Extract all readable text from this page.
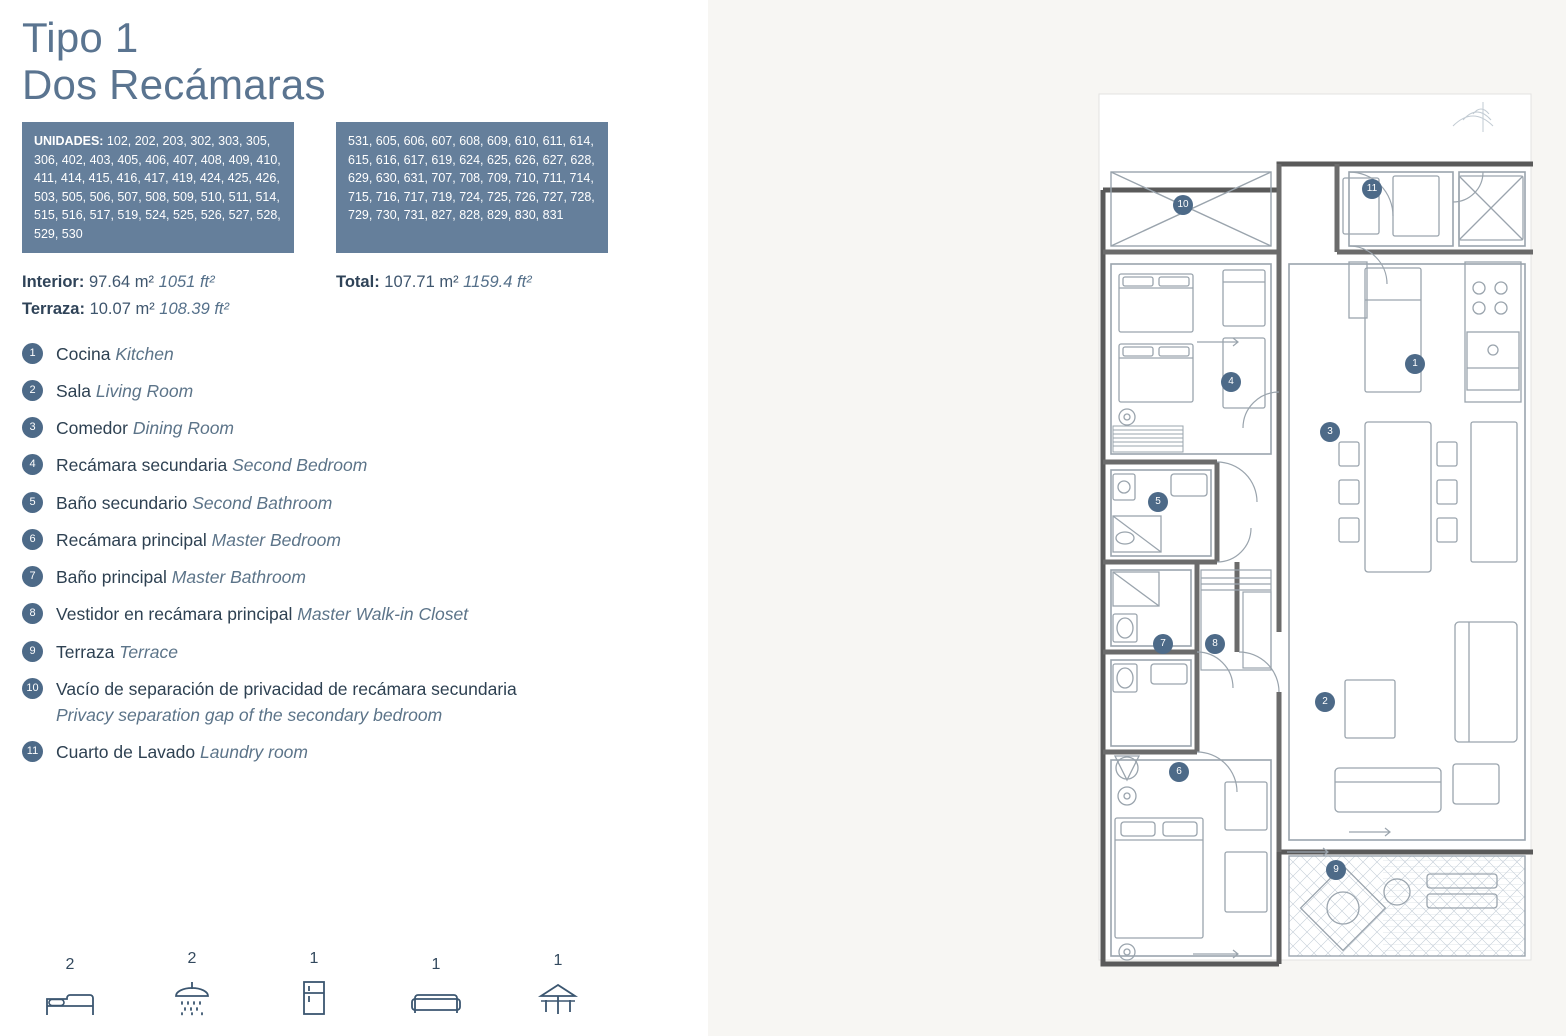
Tipo 1
Dos Recámaras
UNIDADES: 102, 202, 203, 302, 303, 305, 306, 402, 403, 405, 406, 407, 408, 409, 410, 411, 414, 415, 416, 417, 419, 424, 425, 426, 503, 505, 506, 507, 508, 509, 510, 511, 514, 515, 516, 517, 519, 524, 525, 526, 527, 528, 529, 530
531, 605, 606, 607, 608, 609, 610, 611, 614, 615, 616, 617, 619, 624, 625, 626, 627, 628, 629, 630, 631, 707, 708, 709, 710, 711, 714, 715, 716, 717, 719, 724, 725, 726, 727, 728, 729, 730, 731, 827, 828, 829, 830, 831
Interior: 97.64 m² 1051 ft²
Terraza: 10.07 m² 108.39 ft²
Total: 107.71 m² 1159.4 ft²
1	Cocina Kitchen
2	Sala Living Room
3	Comedor Dining Room
4	Recámara secundaria Second Bedroom
5	Baño secundario Second Bathroom
6	Recámara principal Master Bedroom
7	Baño principal Master Bathroom
8	Vestidor en recámara principal Master Walk-in Closet
9	Terraza Terrace
10 Vacío de separación de privacidad de recámara secundaria
Privacy separation gap of the secondary bedroom
11 Cuarto de Lavado Laundry room
2	2	1	1	1
1
2
3
4
5
6
7	8
9
10
11
